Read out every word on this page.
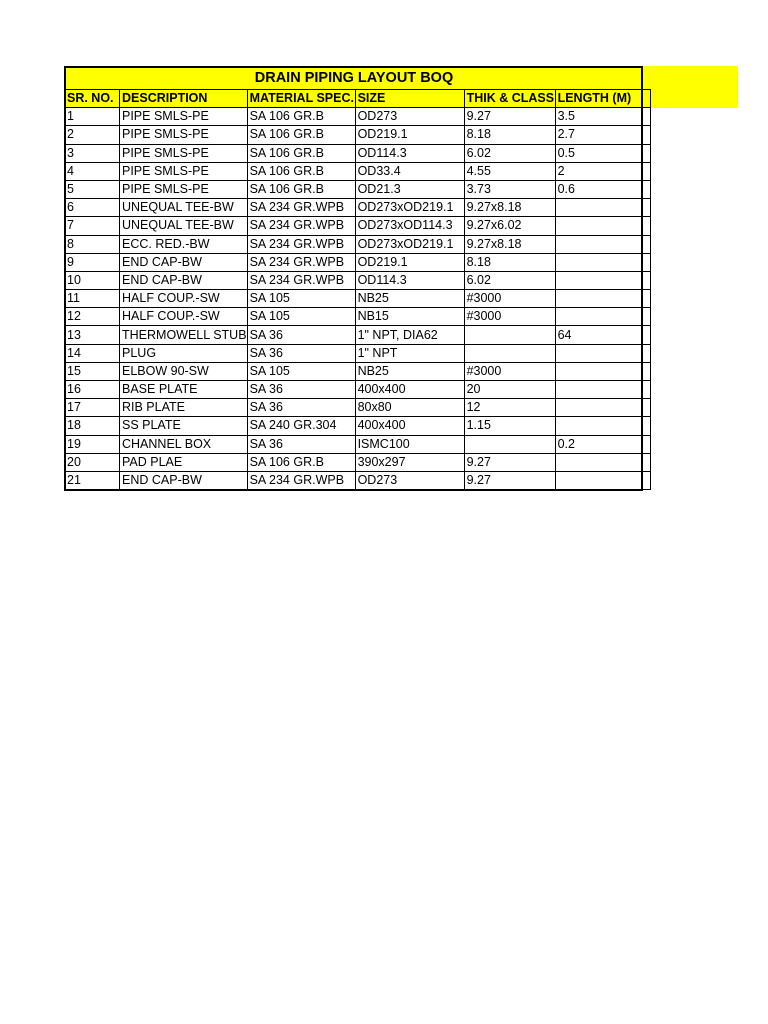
SR. NO.	DESCRIPTION	MATERIAL SPEC.	SIZE	THIK & CLASS	LENGTH (M)
1	PIPE SMLS-PE	SA 106 GR.B	OD273	9.27	3.5
2	PIPE SMLS-PE	SA 106 GR.B	OD219.1	8.18	2.7
3	PIPE SMLS-PE	SA 106 GR.B	OD114.3	6.02	0.5
4	PIPE SMLS-PE	SA 106 GR.B	OD33.4	4.55	2
5	PIPE SMLS-PE	SA 106 GR.B	OD21.3	3.73	0.6
6	UNEQUAL TEE-BW	SA 234 GR.WPB	OD273xOD219.1	9.27x8.18	
7	UNEQUAL TEE-BW	SA 234 GR.WPB	OD273xOD114.3	9.27x6.02	
8	ECC. RED.-BW	SA 234 GR.WPB	OD273xOD219.1	9.27x8.18	
9	END CAP-BW	SA 234 GR.WPB	OD219.1	8.18	
10	END CAP-BW	SA 234 GR.WPB	OD114.3	6.02	
11	HALF COUP.-SW	SA 105	NB25	#3000	
12	HALF COUP.-SW	SA 105	NB15	#3000	
13	THERMOWELL STUB	SA 36	1" NPT, DIA62		64
14	PLUG	SA 36	1" NPT		
15	ELBOW 90-SW	SA 105	NB25	#3000	
16	BASE PLATE	SA 36	400x400	20	
17	RIB PLATE	SA 36	80x80	12	
18	SS PLATE	SA 240 GR.304	400x400	1.15	
19	CHANNEL BOX	SA 36	ISMC100		0.2
20	PAD PLAE	SA 106 GR.B	390x297	9.27	
21	END CAP-BW	SA 234 GR.WPB	OD273	9.27	
DRAIN PIPING LAYOUT BOQ
